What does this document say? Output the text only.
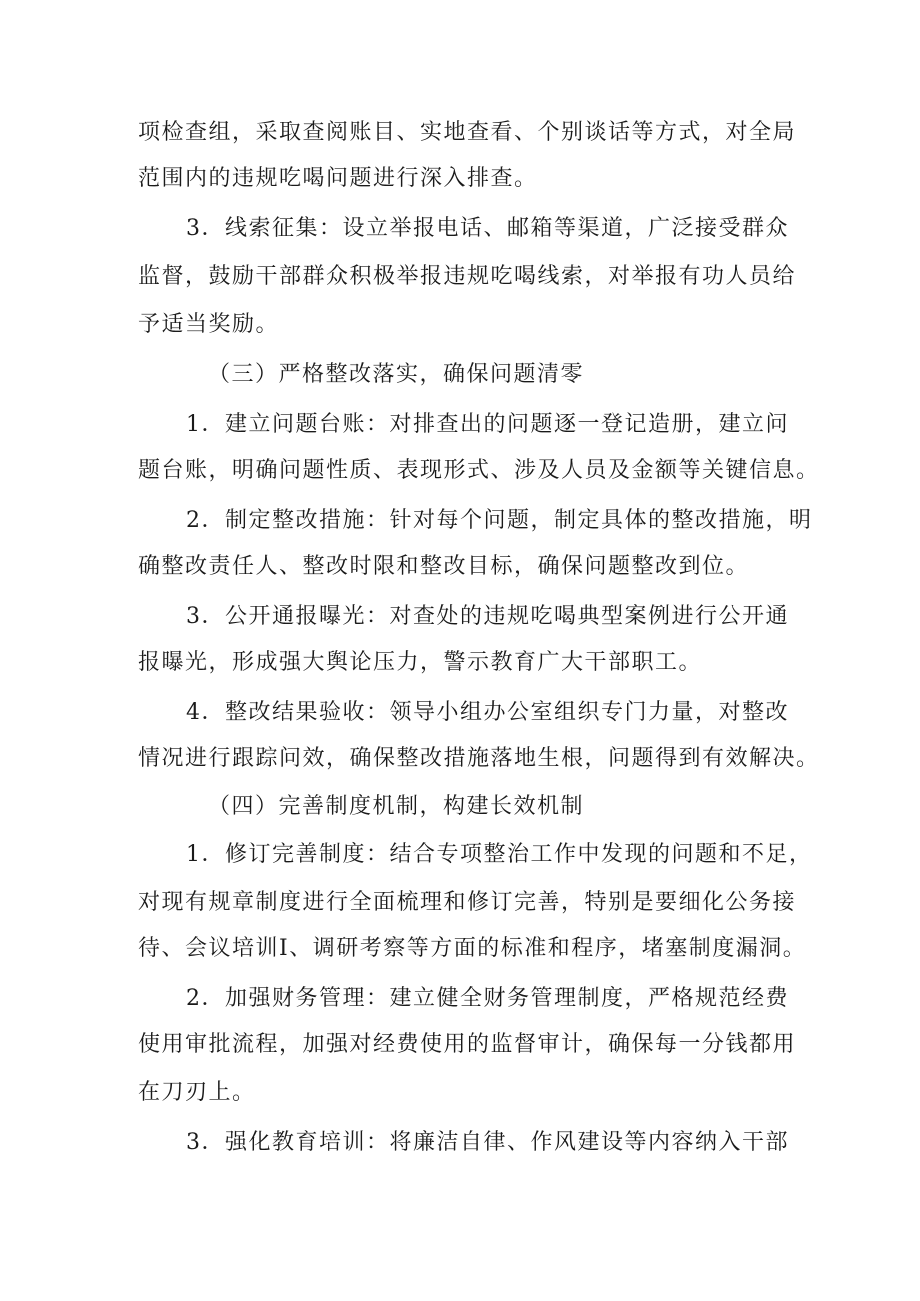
项检查组，采取查阅账目、实地查看、个别谈话等方式，对全局
范围内的违规吃喝问题进行深入排查。
3．线索征集：设立举报电话、邮箱等渠道，广泛接受群众
监督，鼓励干部群众积极举报违规吃喝线索，对举报有功人员给
予适当奖励。
（三）严格整改落实，确保问题清零
1．建立问题台账：对排查出的问题逐一登记造册，建立问
题台账，明确问题性质、表现形式、涉及人员及金额等关键信息。
2．制定整改措施：针对每个问题，制定具体的整改措施，明
确整改责任人、整改时限和整改目标，确保问题整改到位。
3．公开通报曝光：对查处的违规吃喝典型案例进行公开通
报曝光，形成强大舆论压力，警示教育广大干部职工。
4．整改结果验收：领导小组办公室组织专门力量，对整改
情况进行跟踪问效，确保整改措施落地生根，问题得到有效解决。
（四）完善制度机制，构建长效机制
1．修订完善制度：结合专项整治工作中发现的问题和不足，
对现有规章制度进行全面梳理和修订完善，特别是要细化公务接
待、会议培训I、调研考察等方面的标准和程序，堵塞制度漏洞。
2．加强财务管理：建立健全财务管理制度，严格规范经费
使用审批流程，加强对经费使用的监督审计，确保每一分钱都用
在刀刃上。
3．强化教育培训：将廉洁自律、作风建设等内容纳入干部
